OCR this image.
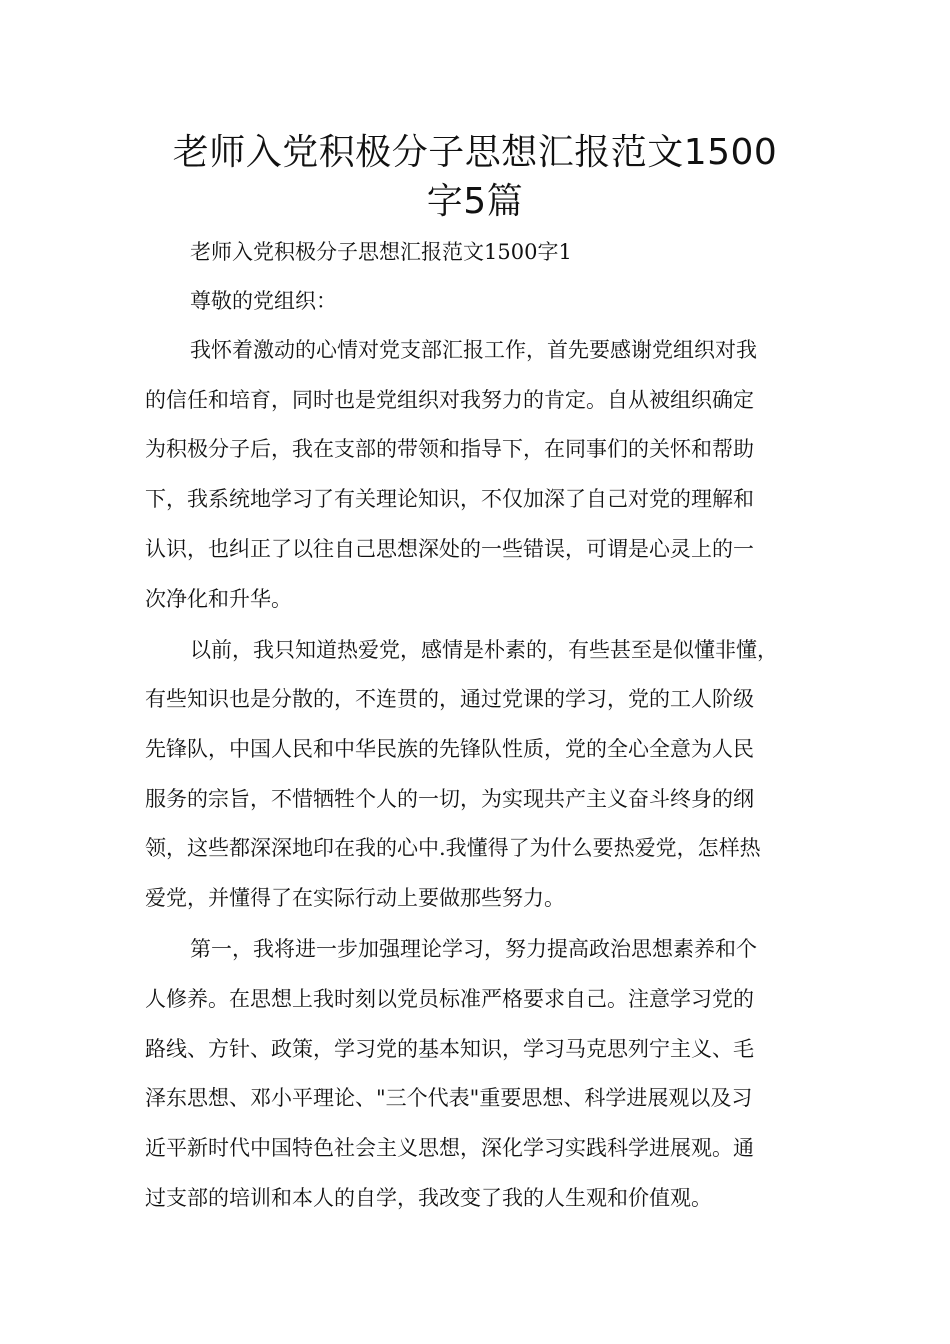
老师入党积极分子思想汇报范文1500
字5篇
老师入党积极分子思想汇报范文1500字1
尊敬的党组织：
我怀着激动的心情对党支部汇报工作，首先要感谢党组织对我
的信任和培育，同时也是党组织对我努力的肯定。自从被组织确定
为积极分子后，我在支部的带领和指导下，在同事们的关怀和帮助
下，我系统地学习了有关理论知识，不仅加深了自己对党的理解和
认识，也纠正了以往自己思想深处的一些错误，可谓是心灵上的一
次净化和升华。
以前，我只知道热爱党，感情是朴素的，有些甚至是似懂非懂，
有些知识也是分散的，不连贯的，通过党课的学习，党的工人阶级
先锋队，中国人民和中华民族的先锋队性质，党的全心全意为人民
服务的宗旨，不惜牺牲个人的一切，为实现共产主义奋斗终身的纲
领，这些都深深地印在我的心中.我懂得了为什么要热爱党，怎样热
爱党，并懂得了在实际行动上要做那些努力。
第一，我将进一步加强理论学习，努力提高政治思想素养和个
人修养。在思想上我时刻以党员标准严格要求自己。注意学习党的
路线、方针、政策，学习党的基本知识，学习马克思列宁主义、毛
泽东思想、邓小平理论、"三个代表"重要思想、科学进展观以及习
近平新时代中国特色社会主义思想，深化学习实践科学进展观。通
过支部的培训和本人的自学，我改变了我的人生观和价值观。
